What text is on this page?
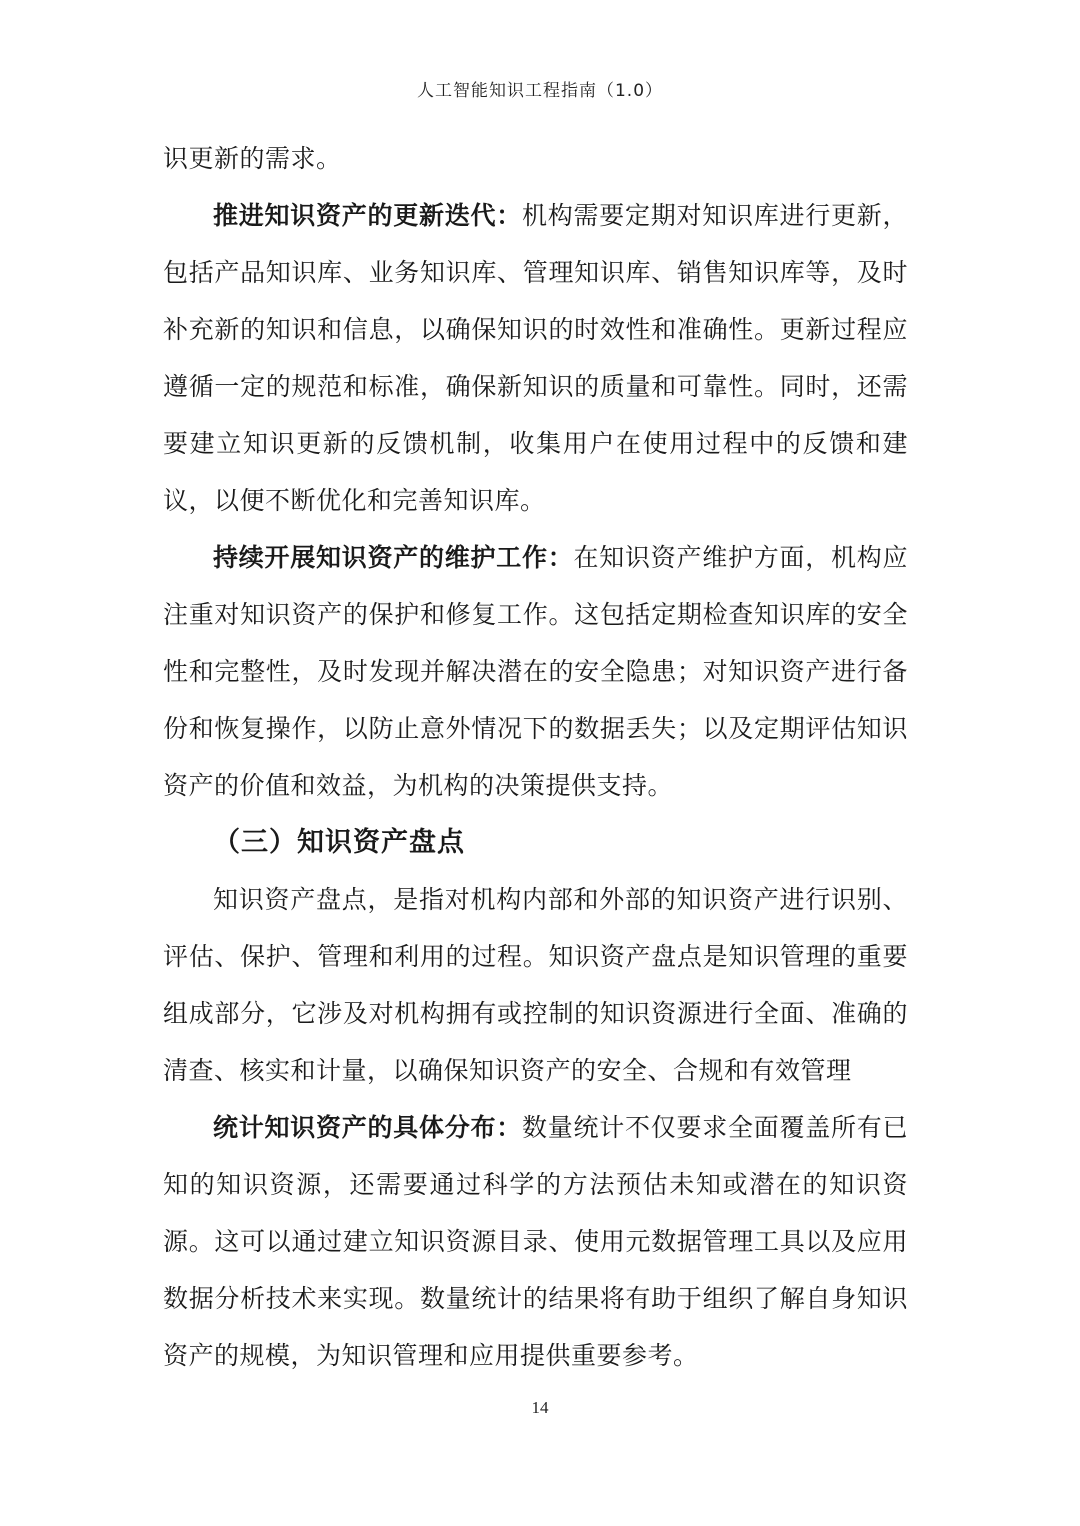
人工智能知识工程指南（1.0）

识更新的需求。

推进知识资产的更新迭代：机构需要定期对知识库进行更新，包括产品知识库、业务知识库、管理知识库、销售知识库等，及时补充新的知识和信息，以确保知识的时效性和准确性。更新过程应遵循一定的规范和标准，确保新知识的质量和可靠性。同时，还需要建立知识更新的反馈机制，收集用户在使用过程中的反馈和建议，以便不断优化和完善知识库。

持续开展知识资产的维护工作：在知识资产维护方面，机构应注重对知识资产的保护和修复工作。这包括定期检查知识库的安全性和完整性，及时发现并解决潜在的安全隐患；对知识资产进行备份和恢复操作，以防止意外情况下的数据丢失；以及定期评估知识资产的价值和效益，为机构的决策提供支持。

（三）知识资产盘点

知识资产盘点，是指对机构内部和外部的知识资产进行识别、评估、保护、管理和利用的过程。知识资产盘点是知识管理的重要组成部分，它涉及对机构拥有或控制的知识资源进行全面、准确的清查、核实和计量，以确保知识资产的安全、合规和有效管理

统计知识资产的具体分布：数量统计不仅要求全面覆盖所有已知的知识资源，还需要通过科学的方法预估未知或潜在的知识资源。这可以通过建立知识资源目录、使用元数据管理工具以及应用数据分析技术来实现。数量统计的结果将有助于组织了解自身知识资产的规模，为知识管理和应用提供重要参考。

14
